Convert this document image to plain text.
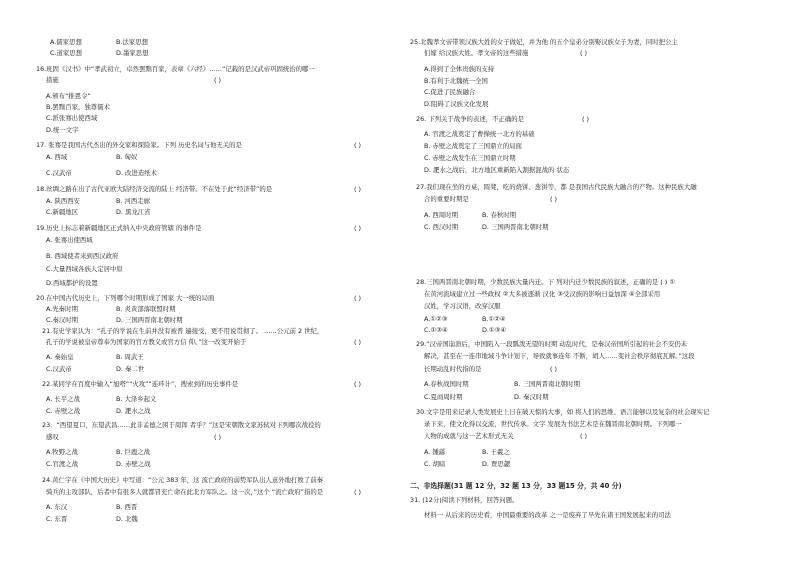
A.儒家思想	B.法家思想
C.道家思想	D.墨家思想
16.班固《汉书》中“孝武初立，卓然罢黜百家，表章《六经》……”记载的是汉武帝巩固统治的哪一
措施	( )
A.颁布“推恩令”
B.罢黜百家，独尊儒术
C.派张骞出使西域
D.统一文字
17. 张骞是我国古代杰出的外交家和探险家。下列 历史名词与他无关的是	( )
A. 西域	B. 匈奴
C.汉武帝	D. 改进造纸术
18.丝绸之路在出了古代亚欧大陆经济交流的陆上 经济带。不在处于此“经济带”的是	( )
A. 陕西西安	B. 河西走廊
C.新疆地区	D. 黑龙江省
19.历史上标志着新疆地区正式纳入中央政府管辖 的事件是	( )
A. 张骞出使西域
B. 西域使者来到西汉政府
C.大量西域各族人定居中原
D.西域都护的设置
20.在中国古代历史上，下列哪个时期形成了国家 大一统的局面	( )
A.先秦时期	B. 炎黄部落联盟时期
C.秦汉时期	D. 三国两晋南北朝时期
21.有史学家认为：“孔子的学说在生前并没有被普 遍接受，更不用说贯彻了。 ……公元前 2 世纪，
孔子的学说被皇帝尊奉为国家的官方教义或官方信 仰。”这一改变开始于	( )
A. 秦始皇	B. 周武王
C.汉武帝	D. 秦二世
22.某同学在百度中输入“旭嗒”“火攻”“连环计”，搜索到的历史事件是	( )
A. 长平之战	B. 大泽乡起义
C. 赤壁之战	D. 淝水之战
23．“西望夏口，东望武昌……此非孟德之困于周郎 者乎？”这是宋朝散文家苏轼对下列哪次战役的
感叹	( )
A.牧野之战	B. 巨鹿之战
C.官渡之战	D. 赤壁之战
24.黄仁宇在《中国大历史》中写道：“公元 383 年，这 流亡政府的弱势军队出人意外地打败了前秦
骑兵的主攻部队，后者中有很多人就都冒充亡命在此北方军队之。这一次，”这个 “流亡政府”指的是	( )
A. 东汉	B. 西晋
C. 东晋	D. 北魏
25.北魏孝文帝带领汉族大姓的女子做妃，并为他 的五个皇弟分别娶汉族女子为妻，同时把公主
们嫁 给汉族大姓。孝文帝的这些措施	( )
A.得到了全体贵族的支持
B.有利于北魏统一全国
C.促进了民族融合
D.阻碍了汉族文化发展
26. 下列关于战争的表述，不正确的是	( )
A. 官渡之战奠定了曹操统一北方的基础
B. 赤壁之战奠定了三国鼎立的局面
C. 赤壁之战发生在三国鼎立时期
D. 淝水之战后，北方地区重新陷入割据混战的 状态
27.我们现在坐的方桌，圆凳，吃的烧饼、葱饼等，都 是我国古代民族大融合的产物。这种民族大融
合的重要时期是	( )
A. 西周时期	B. 春秋时期
C. 西汉时期	D. 三国两晋南北朝时期
28.三国两晋南北朝时期，少数民族大量内迁。下 列对内迁少数民族的叙述，正确的是 ( ) ①
在黄河流域建立过一些政权 ②大多被逐渐 汉化 ③受汉族的影响日益加深 ④全部采用
汉姓，学习汉语，改穿汉服
A.①②③	B.①②④
C.①③④	D.①③④
29.“汉帝国崩溃后，中国陷入一段瓢泼无望的时期 动乱时代，是秦汉帝国所引起的社会不安仍未
解决，甚至在一连串地域斗争计划下，导致就事连年 不断，胡人……变社会秩序彻底瓦解。”这段
长期动乱时代指的是	( )
A.春秋战国时期	B. 三国两晋南北朝时期
C.夏商周时期	D. 秦汉时期
30.文字是用来记录人类发展史上日在破天惊的大事，如 将人们的思维、语言能够以及复杂的社会现实记
录下来，使文化得以交流，世代传承。文字 发展为书法艺术是在魏晋南北朝时期。下列哪一
人物的成就与这一艺术形式无关	( )
A. 锺繇	B. 王羲之
C. 胡暗	D. 贾思勰
二、非选择题(31 题 12 分，32 题 13 分，33 题15 分，共 40 分)
31. (12分)阅读下列材料，回答问题。
材料一 从后来的历史看，中国最重要的改革 之一是废弃了早先在诸王国发展起来的司法
